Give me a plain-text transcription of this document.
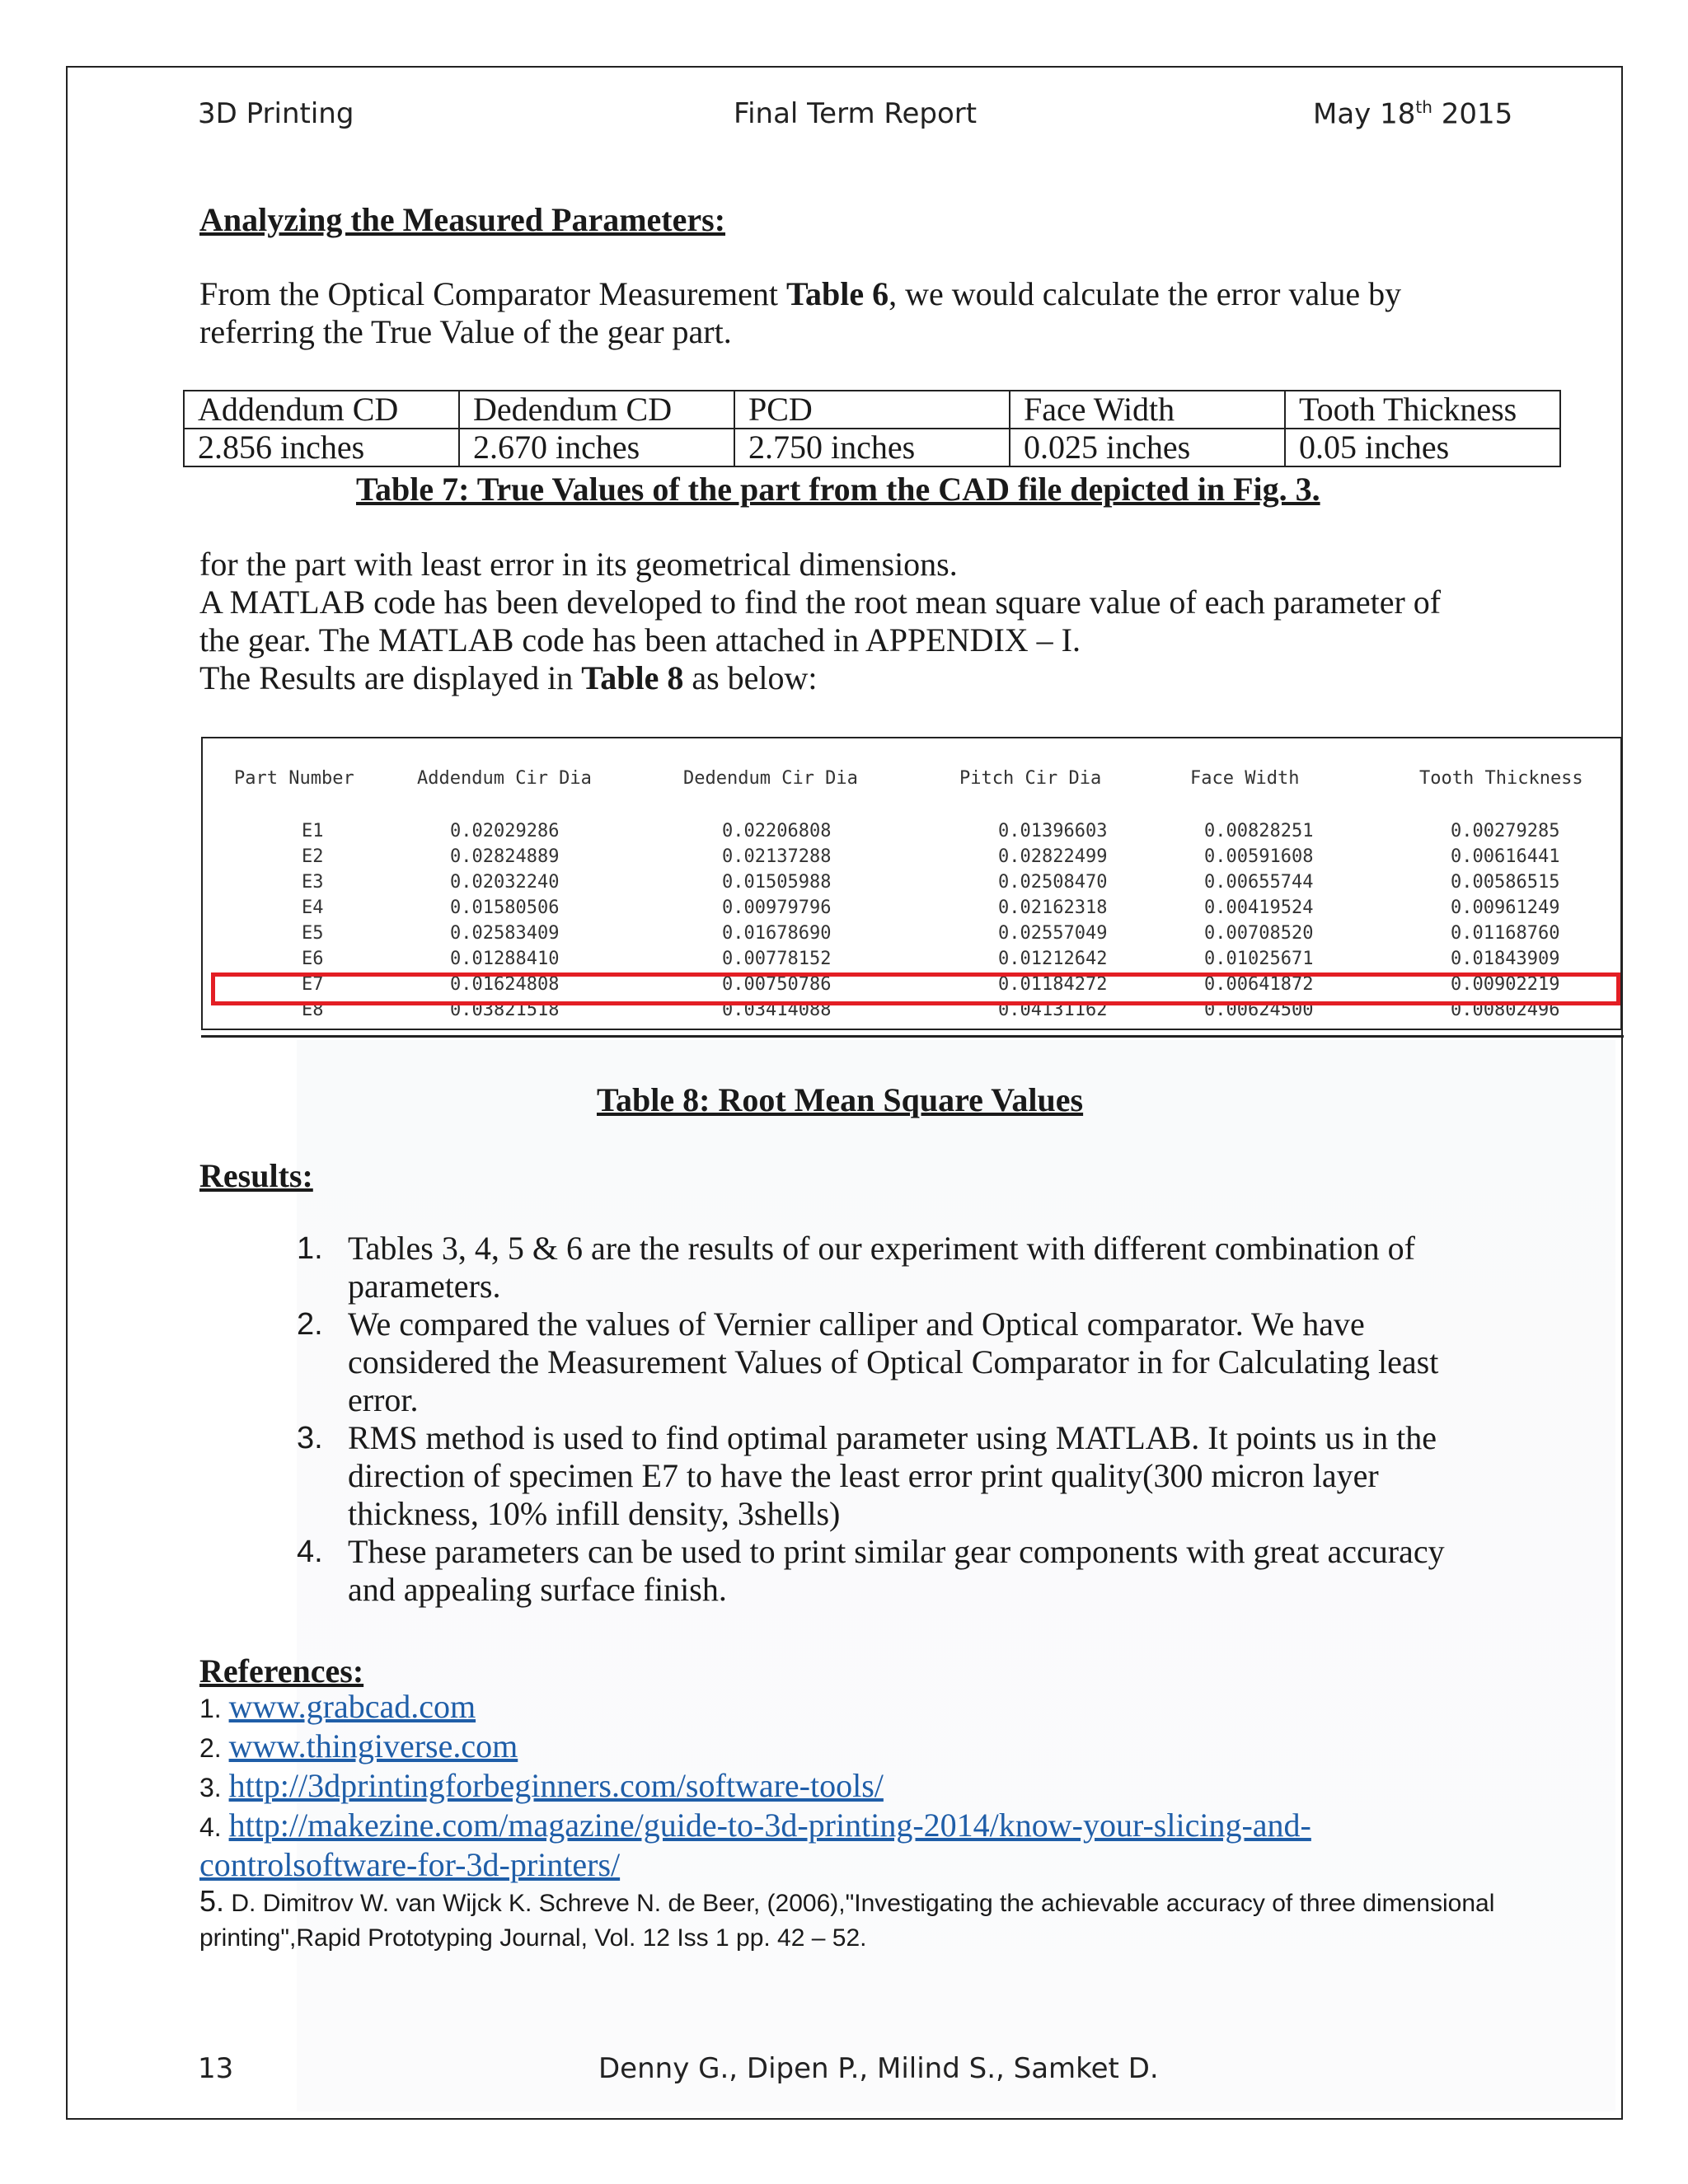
3D Printing	Final Term Report	May 18th 2015
Analyzing the Measured Parameters:

From the Optical Comparator Measurement Table 6, we would calculate the error value by

referring the True Value of the gear part.

Addendum CD	Dedendum CD	PCD	Face Width	Tooth Thickness
2.856 inches	2.670 inches	2.750 inches	0.025 inches	0.05 inches
Table 7: True Values of the part from the CAD file depicted in Fig. 3.

for the part with least error in its geometrical dimensions.

A MATLAB code has been developed to find the root mean square value of each parameter of

the gear. The MATLAB code has been attached in APPENDIX – I.

The Results are displayed in Table 8 as below:

Part Number	Addendum Cir Dia	Dedendum Cir Dia	Pitch Cir Dia	Face Width	Tooth Thickness
E1	0.02029286	0.02206808	0.01396603	0.00828251	0.00279285
E2	0.02824889	0.02137288	0.02822499	0.00591608	0.00616441
E3	0.02032240	0.01505988	0.02508470	0.00655744	0.00586515
E4	0.01580506	0.00979796	0.02162318	0.00419524	0.00961249
E5	0.02583409	0.01678690	0.02557049	0.00708520	0.01168760
E6	0.01288410	0.00778152	0.01212642	0.01025671	0.01843909
E7	0.01624808	0.00750786	0.01184272	0.00641872	0.00902219
E8	0.03821518	0.03414088	0.04131162	0.00624500	0.00802496
Table 8: Root Mean Square Values
Results:
1. Tables 3, 4, 5 & 6 are the results of our experiment with different combination of parameters.
2. We compared the values of Vernier calliper and Optical comparator. We have considered the Measurement Values of Optical Comparator in for Calculating least error.
3. RMS method is used to find optimal parameter using MATLAB. It points us in the direction of specimen E7 to have the least error print quality(300 micron layer thickness, 10% infill density, 3shells)
4. These parameters can be used to print similar gear components with great accuracy and appealing surface finish.
References:
1. www.grabcad.com
2. www.thingiverse.com
3. http://3dprintingforbeginners.com/software-tools/
4. http://makezine.com/magazine/guide-to-3d-printing-2014/know-your-slicing-and-
controlsoftware-for-3d-printers/
5. D. Dimitrov W. van Wijck K. Schreve N. de Beer, (2006),"Investigating the achievable accuracy of three dimensional printing",Rapid Prototyping Journal, Vol. 12 Iss 1 pp. 42 – 52.
13	Denny G., Dipen P., Milind S., Samket D.
